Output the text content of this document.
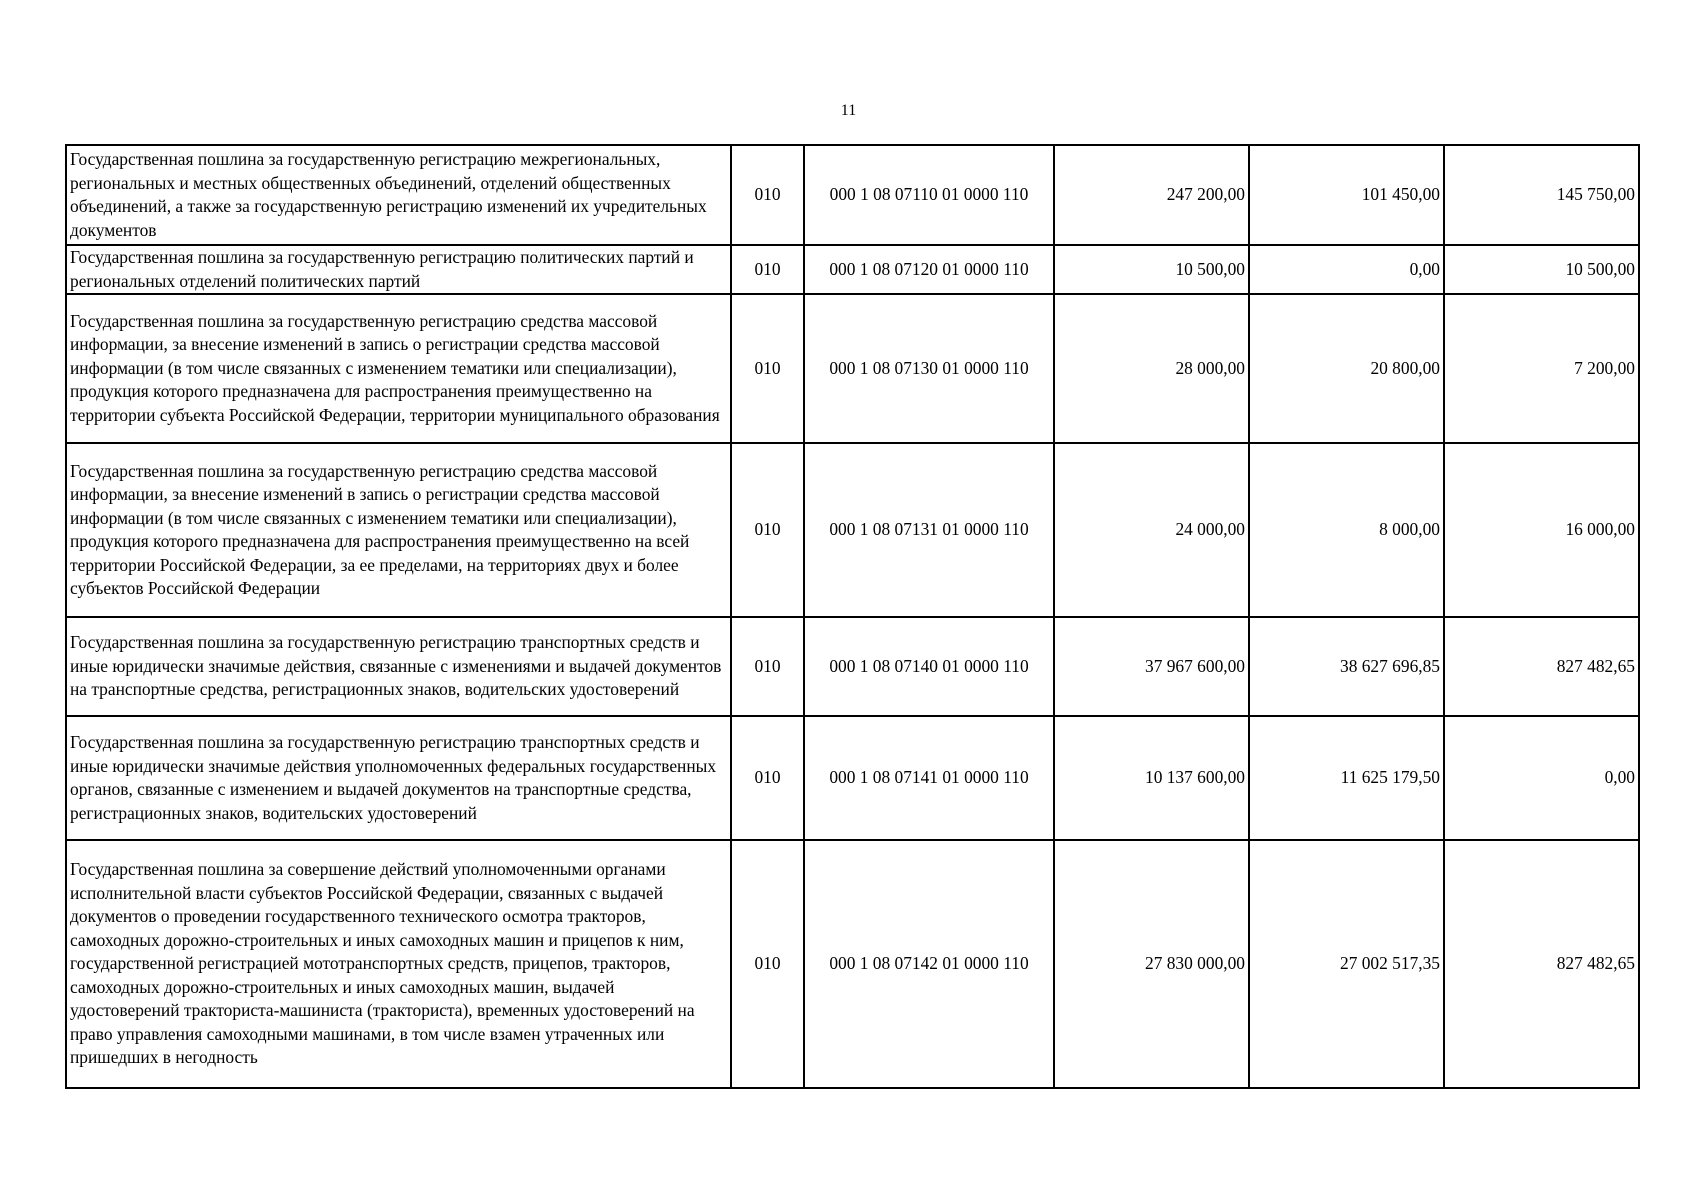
11
Государственная пошлина за государственную регистрацию межрегиональных, региональных и местных общественных объединений, отделений общественных объединений, а также за государственную регистрацию изменений их учредительных документов	010	000 1 08 07110 01 0000 110	247 200,00	101 450,00	145 750,00
Государственная пошлина за государственную регистрацию политических партий и региональных отделений политических партий	010	000 1 08 07120 01 0000 110	10 500,00	0,00	10 500,00
Государственная пошлина за государственную регистрацию средства массовой информации, за внесение изменений в запись о регистрации средства массовой информации (в том числе связанных с изменением тематики или специализации), продукция которого предназначена для распространения преимущественно на территории субъекта Российской Федерации, территории муниципального образования	010	000 1 08 07130 01 0000 110	28 000,00	20 800,00	7 200,00
Государственная пошлина за государственную регистрацию средства массовой информации, за внесение изменений в запись о регистрации средства массовой информации (в том числе связанных с изменением тематики или специализации), продукция которого предназначена для распространения преимущественно на всей территории Российской Федерации, за ее пределами, на территориях двух и более субъектов Российской Федерации	010	000 1 08 07131 01 0000 110	24 000,00	8 000,00	16 000,00
Государственная пошлина за государственную регистрацию транспортных средств и иные юридически значимые действия, связанные с изменениями и выдачей документов на транспортные средства, регистрационных знаков, водительских удостоверений	010	000 1 08 07140 01 0000 110	37 967 600,00	38 627 696,85	827 482,65
Государственная пошлина за государственную регистрацию транспортных средств и иные юридически значимые действия уполномоченных федеральных государственных органов, связанные с изменением и выдачей документов на транспортные средства, регистрационных знаков, водительских удостоверений	010	000 1 08 07141 01 0000 110	10 137 600,00	11 625 179,50	0,00
Государственная пошлина за совершение действий уполномоченными органами исполнительной власти субъектов Российской Федерации, связанных с выдачей документов о проведении государственного технического осмотра тракторов, самоходных дорожно-строительных и иных самоходных машин и прицепов к ним, государственной регистрацией мототранспортных средств, прицепов, тракторов, самоходных дорожно-строительных и иных самоходных машин, выдачей удостоверений тракториста-машиниста (тракториста), временных удостоверений на право управления самоходными машинами, в том числе взамен утраченных или пришедших в негодность	010	000 1 08 07142 01 0000 110	27 830 000,00	27 002 517,35	827 482,65
